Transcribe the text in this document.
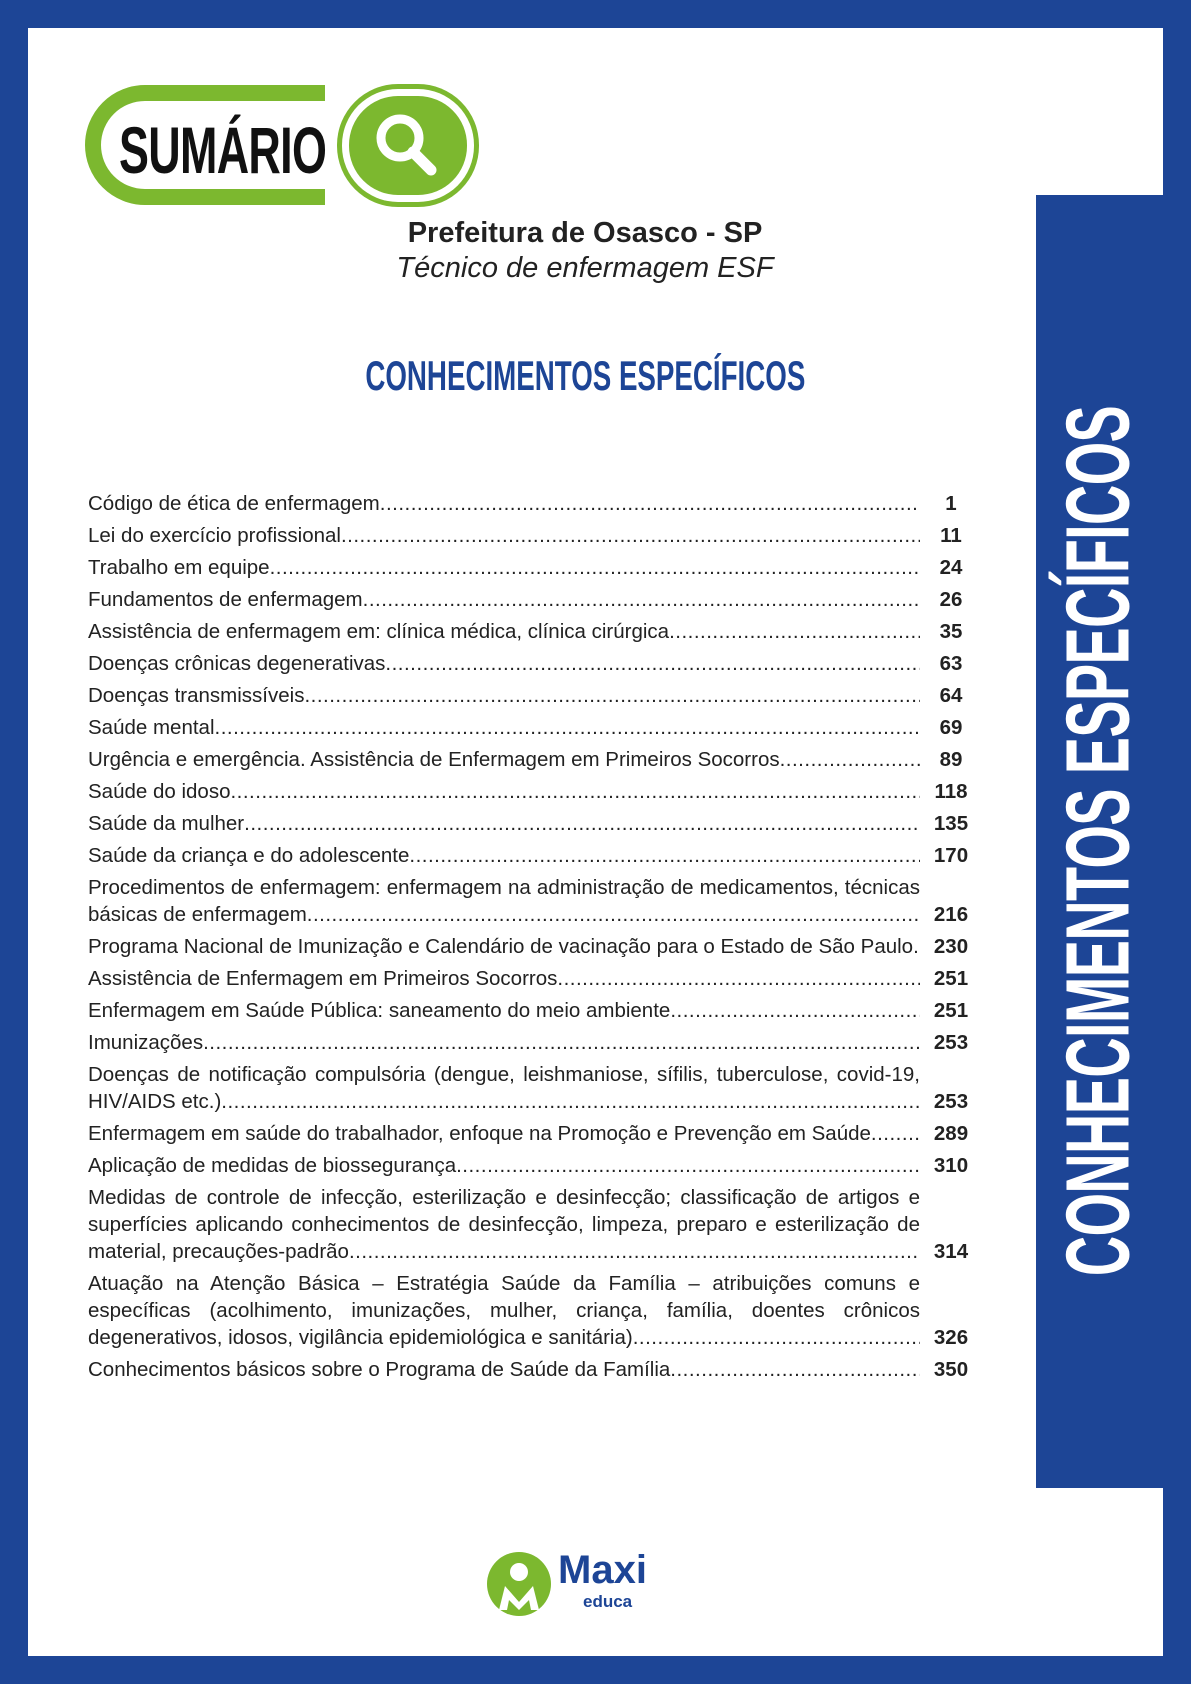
CONHECIMENTOS ESPECÍFICOS
SUMÁRIO
Prefeitura de Osasco - SP
Técnico de enfermagem ESF
CONHECIMENTOS ESPECÍFICOS
Código de ética de enfermagem . . .	1
Lei do exercício profissional . . .	11
Trabalho em equipe . . .	24
Fundamentos de enfermagem . . .	26
Assistência de enfermagem em: clínica médica, clínica cirúrgica . . .	35
Doenças crônicas degenerativas . . .	63
Doenças transmissíveis . . .	64
Saúde mental . . .	69
Urgência e emergência. Assistência de Enfermagem em Primeiros Socorros . . .	89
Saúde do idoso . . .	118
Saúde da mulher . . .	135
Saúde da criança e do adolescente . . .	170
Procedimentos de enfermagem: enfermagem na administração de medicamentos, técnicas
básicas de enfermagem . . .	216
Programa Nacional de Imunização e Calendário de vacinação para o Estado de São Paulo . . .	230
Assistência de Enfermagem em Primeiros Socorros . . .	251
Enfermagem em Saúde Pública: saneamento do meio ambiente . . .	251
Imunizações . . .	253
Doenças de notificação compulsória (dengue, leishmaniose, sífilis, tuberculose, covid-19,
HIV/AIDS etc.) . . .	253
Enfermagem em saúde do trabalhador, enfoque na Promoção e Prevenção em Saúde . . .	289
Aplicação de medidas de biossegurança . . .	310
Medidas de controle de infecção, esterilização e desinfecção; classificação de artigos e
superfícies aplicando conhecimentos de desinfecção, limpeza, preparo e esterilização de
material, precauções-padrão . . .	314
Atuação na Atenção Básica – Estratégia Saúde da Família – atribuições comuns e
específicas (acolhimento, imunizações, mulher, criança, família, doentes crônicos
degenerativos, idosos, vigilância epidemiológica e sanitária) . . .	326
Conhecimentos básicos sobre o Programa de Saúde da Família . . .	350
Maxi
educa
